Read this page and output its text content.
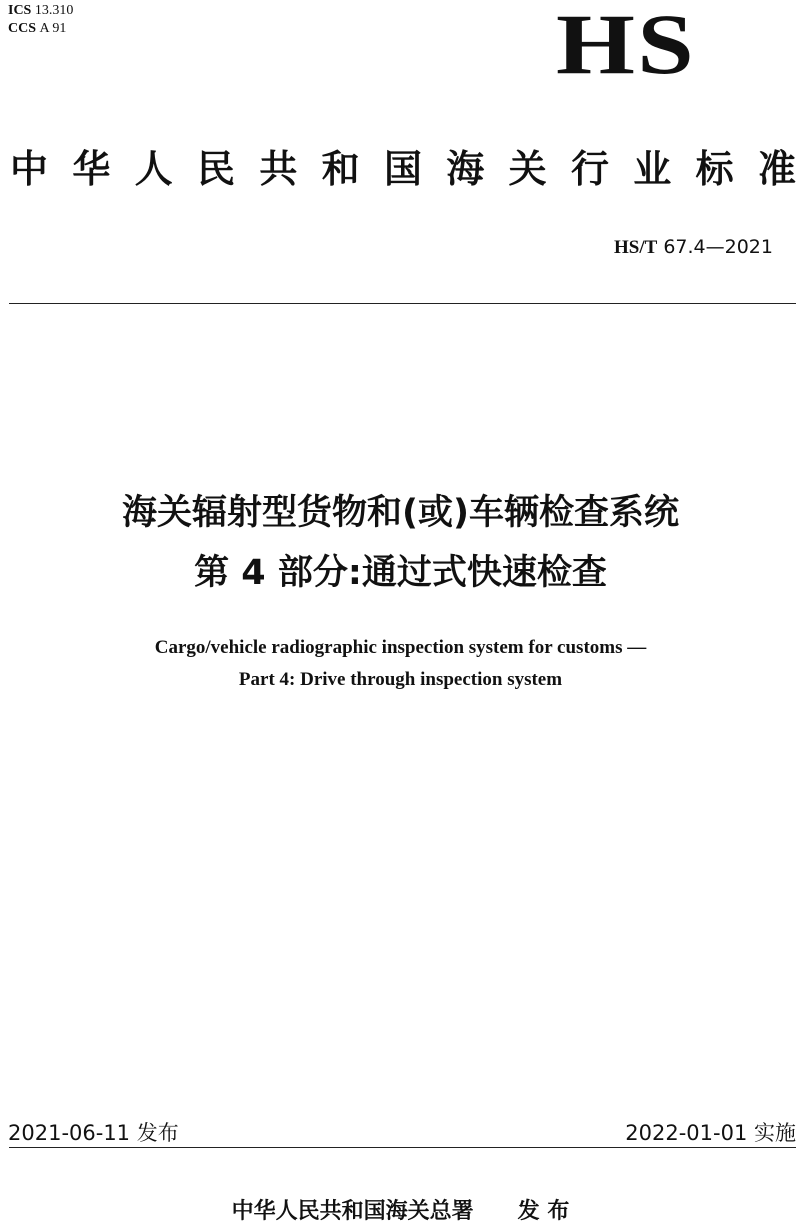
ICS 13.310
CCS A 91	HS
中 华 人 民 共 和 国 海 关 行 业 标 准
HS/T 67.4—2021
海关辐射型货物和(或)车辆检查系统
第 4 部分:通过式快速检查
Cargo/vehicle radiographic inspection system for customs —
Part 4: Drive through inspection system
2021-06-11 发布	2022-01-01 实施
中华人民共和国海关总署 发 布
